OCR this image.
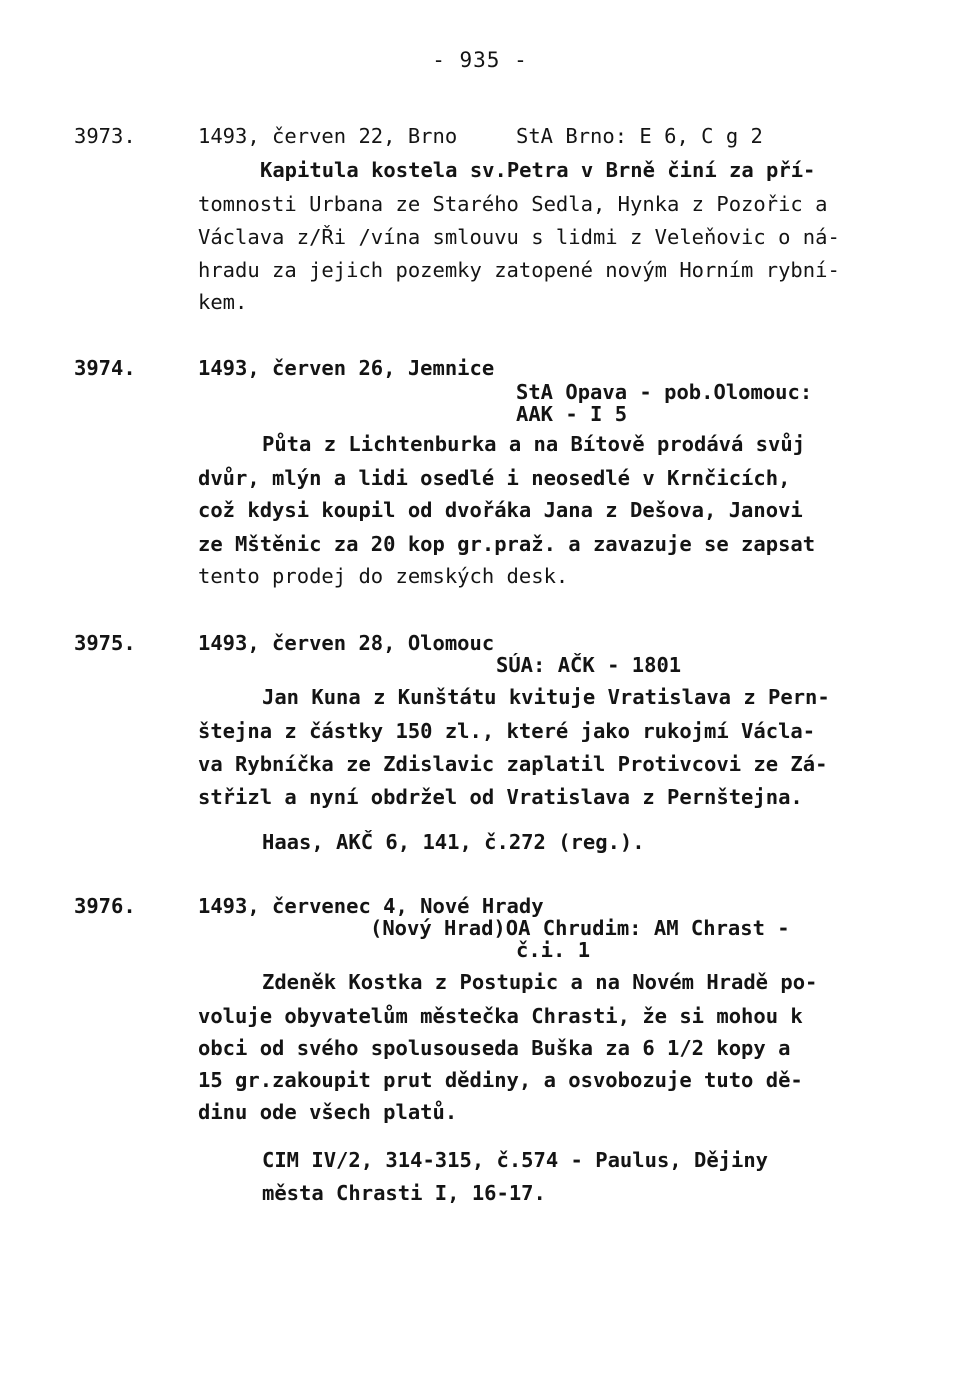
- 935 -
3973.	1493, červen 22, Brno	StA Brno: E 6, C g 2
Kapitula kostela sv.Petra v Brně činí za pří-
tomnosti Urbana ze Starého Sedla, Hynka z Pozořic a
Václava z/Ři /vína smlouvu s lidmi z Veleňovic o ná-
hradu za jejich pozemky zatopené novým Horním rybní-
kem.
3974.	1493, červen 26, Jemnice
StA Opava - pob.Olomouc:
AAK - I 5
Půta z Lichtenburka a na Bítově prodává svůj
dvůr, mlýn a lidi osedlé i neosedlé v Krnčicích,
což kdysi koupil od dvořáka Jana z Dešova, Janovi
ze Mštěnic za 20 kop gr.praž. a zavazuje se zapsat
tento prodej do zemských desk.
3975.	1493, červen 28, Olomouc
SÚA: AČK - 1801
Jan Kuna z Kunštátu kvituje Vratislava z Pern-
štejna z částky 150 zl., které jako rukojmí Václa-
va Rybníčka ze Zdislavic zaplatil Protivcovi ze Zá-
střizl a nyní obdržel od Vratislava z Pernštejna.
Haas, AKČ 6, 141, č.272 (reg.).
3976.	1493, červenec 4, Nové Hrady
(Nový Hrad)OA Chrudim: AM Chrast -
č.i. 1
Zdeněk Kostka z Postupic a na Novém Hradě po-
voluje obyvatelům městečka Chrasti, že si mohou k
obci od svého spolusouseda Buška za 6 1/2 kopy a
15 gr.zakoupit prut dědiny, a osvobozuje tuto dě-
dinu ode všech platů.
CIM IV/2, 314-315, č.574 - Paulus, Dějiny
města Chrasti I, 16-17.
